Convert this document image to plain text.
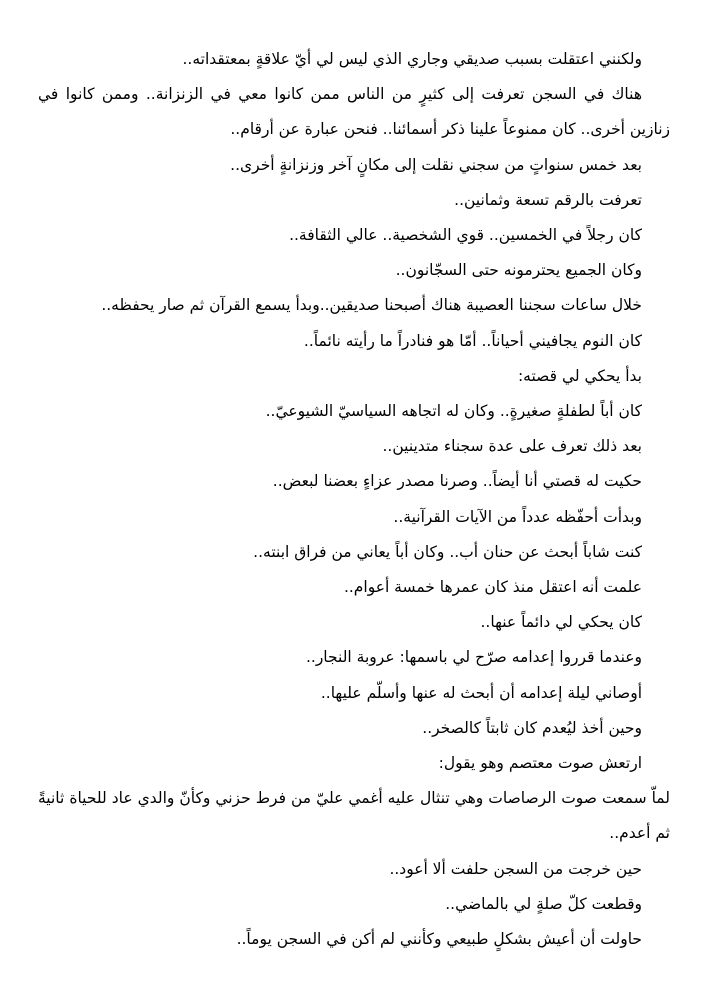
ولكنني اعتقلت بسبب صديقي وجاري الذي ليس لي أيّ علاقةٍ بمعتقداته..

هناك في السجن تعرفت إلى كثيرٍ من الناس ممن كانوا معي في الزنزانة.. وممن كانوا في زنازين أخرى.. كان ممنوعاً علينا ذكر أسمائنا.. فنحن عبارة عن أرقام..

بعد خمس سنواتٍ من سجني نقلت إلى مكانٍ آخر وزنزانةٍ أخرى..

تعرفت بالرقم تسعة وثمانين..

كان رجلاً في الخمسين.. قوي الشخصية.. عالي الثقافة..

وكان الجميع يحترمونه حتى السجّانون..

خلال ساعات سجننا العصيبة هناك أصبحنا صديقين..وبدأ يسمع القرآن ثم صار يحفظه..

كان النوم يجافيني أحياناً.. أمّا هو فنادراً ما رأيته نائماً..

بدأ يحكي لي قصته:

كان أباً لطفلةٍ صغيرةٍ.. وكان له اتجاهه السياسيّ الشيوعيّ..

بعد ذلك تعرف على عدة سجناء متدينين..

حكيت له قصتي أنا أيضاً.. وصرنا مصدر عزاءٍ بعضنا لبعض..

وبدأت أحفّظه عدداً من الآيات القرآنية..

كنت شاباً أبحث عن حنان أب.. وكان أباً يعاني من فراق ابنته..

علمت أنه اعتقل منذ كان عمرها خمسة أعوام..

كان يحكي لي دائماً عنها..

وعندما قرروا إعدامه صرّح لي باسمها: عروبة النجار..

أوصاني ليلة إعدامه أن أبحث له عنها وأسلّم عليها..

وحين أخذ ليُعدم كان ثابتاً كالصخر..

ارتعش صوت معتصم وهو يقول:

لماّ سمعت صوت الرصاصات وهي تنثال عليه أغمي عليّ من فرط حزني وكأنّ والدي عاد للحياة ثانيةً ثم أعدم..

حين خرجت من السجن حلفت ألا أعود..

وقطعت كلّ صلةٍ لي بالماضي..

حاولت أن أعيش بشكلٍ طبيعي وكأنني لم أكن في السجن يوماً..
